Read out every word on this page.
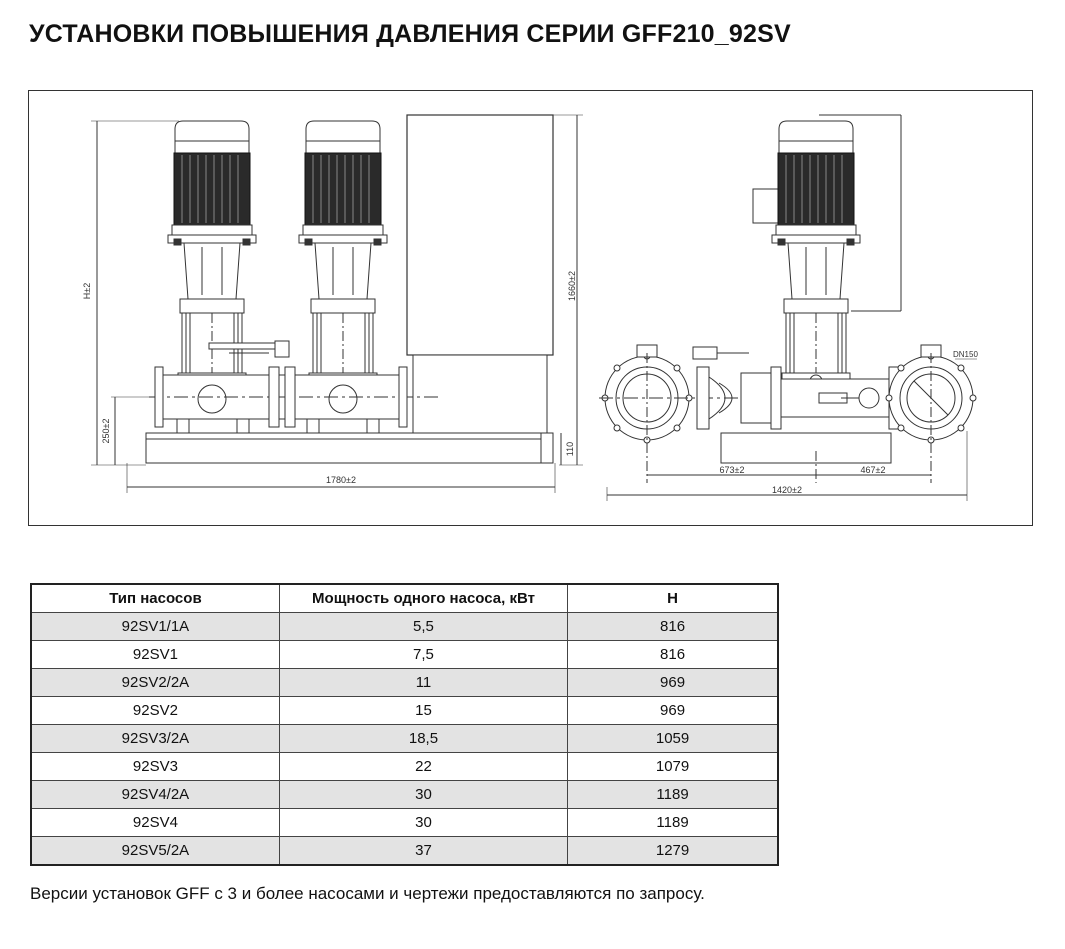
УСТАНОВКИ ПОВЫШЕНИЯ ДАВЛЕНИЯ СЕРИИ GFF210_92SV
H±2
250±2
1660±2
110
1780±2
DN150
673±2	467±2
1420±2
Тип насосов	Мощность одного насоса, кВт	H
92SV1/1A	5,5	816
92SV1	7,5	816
92SV2/2A	11	969
92SV2	15	969
92SV3/2A	18,5	1059
92SV3	22	1079
92SV4/2A	30	1189
92SV4	30	1189
92SV5/2A	37	1279

Версии установок GFF с 3 и более насосами и чертежи предоставляются по запросу.
